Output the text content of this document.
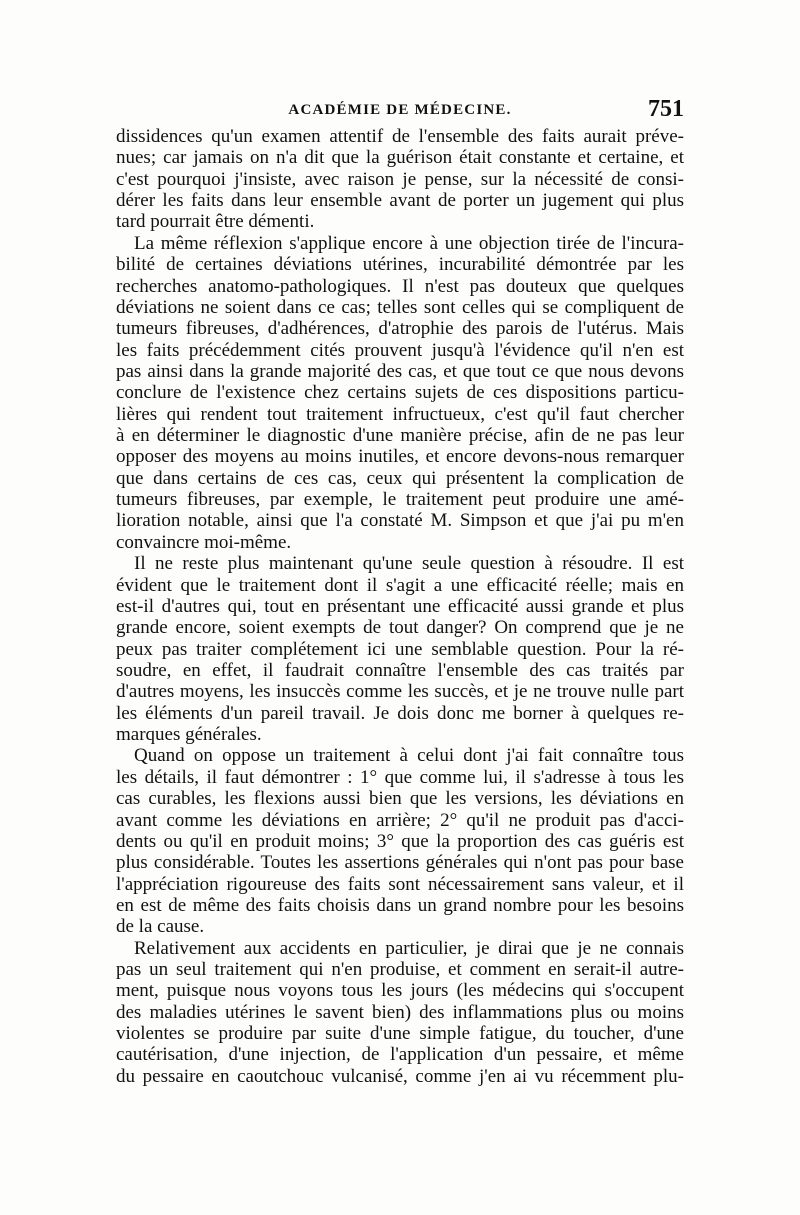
ACADÉMIE DE MÉDECINE.	751
dissidences qu'un examen attentif de l'ensemble des faits aurait préve-
nues; car jamais on n'a dit que la guérison était constante et certaine, et
c'est pourquoi j'insiste, avec raison je pense, sur la nécessité de consi-
dérer les faits dans leur ensemble avant de porter un jugement qui plus
tard pourrait être démenti.
La même réflexion s'applique encore à une objection tirée de l'incura-
bilité de certaines déviations utérines, incurabilité démontrée par les
recherches anatomo-pathologiques. Il n'est pas douteux que quelques
déviations ne soient dans ce cas; telles sont celles qui se compliquent de
tumeurs fibreuses, d'adhérences, d'atrophie des parois de l'utérus. Mais
les faits précédemment cités prouvent jusqu'à l'évidence qu'il n'en est
pas ainsi dans la grande majorité des cas, et que tout ce que nous devons
conclure de l'existence chez certains sujets de ces dispositions particu-
lières qui rendent tout traitement infructueux, c'est qu'il faut chercher
à en déterminer le diagnostic d'une manière précise, afin de ne pas leur
opposer des moyens au moins inutiles, et encore devons-nous remarquer
que dans certains de ces cas, ceux qui présentent la complication de
tumeurs fibreuses, par exemple, le traitement peut produire une amé-
lioration notable, ainsi que l'a constaté M. Simpson et que j'ai pu m'en
convaincre moi-même.
Il ne reste plus maintenant qu'une seule question à résoudre. Il est
évident que le traitement dont il s'agit a une efficacité réelle; mais en
est-il d'autres qui, tout en présentant une efficacité aussi grande et plus
grande encore, soient exempts de tout danger? On comprend que je ne
peux pas traiter complétement ici une semblable question. Pour la ré-
soudre, en effet, il faudrait connaître l'ensemble des cas traités par
d'autres moyens, les insuccès comme les succès, et je ne trouve nulle part
les éléments d'un pareil travail. Je dois donc me borner à quelques re-
marques générales.
Quand on oppose un traitement à celui dont j'ai fait connaître tous
les détails, il faut démontrer : 1° que comme lui, il s'adresse à tous les
cas curables, les flexions aussi bien que les versions, les déviations en
avant comme les déviations en arrière; 2° qu'il ne produit pas d'acci-
dents ou qu'il en produit moins; 3° que la proportion des cas guéris est
plus considérable. Toutes les assertions générales qui n'ont pas pour base
l'appréciation rigoureuse des faits sont nécessairement sans valeur, et il
en est de même des faits choisis dans un grand nombre pour les besoins
de la cause.
Relativement aux accidents en particulier, je dirai que je ne connais
pas un seul traitement qui n'en produise, et comment en serait-il autre-
ment, puisque nous voyons tous les jours (les médecins qui s'occupent
des maladies utérines le savent bien) des inflammations plus ou moins
violentes se produire par suite d'une simple fatigue, du toucher, d'une
cautérisation, d'une injection, de l'application d'un pessaire, et même
du pessaire en caoutchouc vulcanisé, comme j'en ai vu récemment plu-
